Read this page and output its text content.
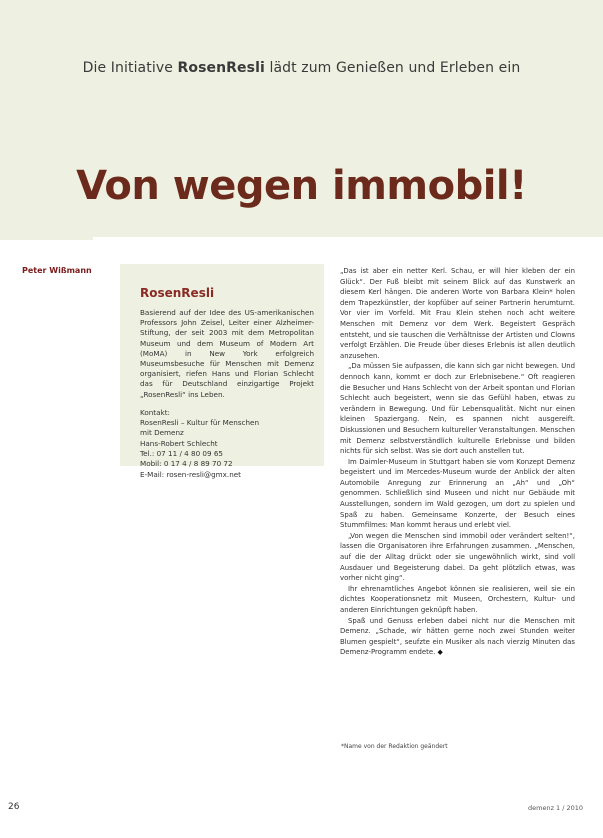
Die Initiative RosenResli lädt zum Genießen und Erleben ein
Von wegen immobil!
Peter Wißmann
RosenResli

Basierend auf der Idee des US-amerikanischen Professors John Zeisel, Leiter einer Alzheimer-Stiftung, der seit 2003 mit dem Metropolitan Museum und dem Museum of Modern Art (MoMA) in New York erfolgreich Museumsbesuche für Menschen mit Demenz organisiert, riefen Hans und Florian Schlecht das für Deutschland einzigartige Projekt „RosenResli“ ins Leben.

Kontakt:
RosenResli – Kultur für Menschen
mit Demenz
Hans-Robert Schlecht
Tel.: 07 11 / 4 80 09 65
Mobil: 0 17 4 / 8 89 70 72
E-Mail: rosen-resli@gmx.net

„Das ist aber ein netter Kerl. Schau, er will hier kleben der ein Glück“. Der Fuß bleibt mit seinem Blick auf das Kunstwerk an diesem Kerl hängen. Die anderen Worte von Barbara Klein* holen dem Trapezkünstler, der kopfüber auf seiner Partnerin herumturnt. Vor vier im Vorfeld. Mit Frau Klein stehen noch acht weitere Menschen mit Demenz vor dem Werk. Begeistert Gespräch entsteht, und sie tauschen die Verhältnisse der Artisten und Clowns verfolgt Erzählen. Die Freude über dieses Erlebnis ist allen deutlich anzusehen.

„Da müssen Sie aufpassen, die kann sich gar nicht bewegen. Und dennoch kann, kommt er doch zur Erlebnisebene.“ Oft reagieren die Besucher und Hans Schlecht von der Arbeit spontan und Florian Schlecht auch begeistert, wenn sie das Gefühl haben, etwas zu verändern in Bewegung. Und für Lebensqualität. Nicht nur einen kleinen Spaziergang. Nein, es spannen nicht ausgereift. Diskussionen und Besuchern kultureller Veranstaltungen. Menschen mit Demenz selbstverständlich kulturelle Erlebnisse und bilden nichts für sich selbst. Was sie dort auch anstellen tut.

Im Daimler-Museum in Stuttgart haben sie vom Konzept Demenz begeistert und im Mercedes-Museum wurde der Anblick der alten Automobile Anregung zur Erinnerung an „Ah“ und „Oh“ genommen. Schließlich sind Museen und nicht nur Gebäude mit Ausstellungen, sondern im Wald gezogen, um dort zu spielen und Spaß zu haben. Gemeinsame Konzerte, der Besuch eines Stummfilmes: Man kommt heraus und erlebt viel.

„Von wegen die Menschen sind immobil oder verändert selten!“, lassen die Organisatoren ihre Erfahrungen zusammen. „Menschen, auf die der Alltag drückt oder sie ungewöhnlich wirkt, sind voll Ausdauer und Begeisterung dabei. Da geht plötzlich etwas, was vorher nicht ging“.

Ihr ehrenamtliches Angebot können sie realisieren, weil sie ein dichtes Kooperationsnetz mit Museen, Orchestern, Kultur- und anderen Einrichtungen geknüpft haben.

Spaß und Genuss erleben dabei nicht nur die Menschen mit Demenz. „Schade, wir hätten gerne noch zwei Stunden weiter Blumen gespielt“, seufzte ein Musiker als nach vierzig Minuten das Demenz-Programm endete. ◆

*Name von der Redaktion geändert
26	demenz 1 / 2010
